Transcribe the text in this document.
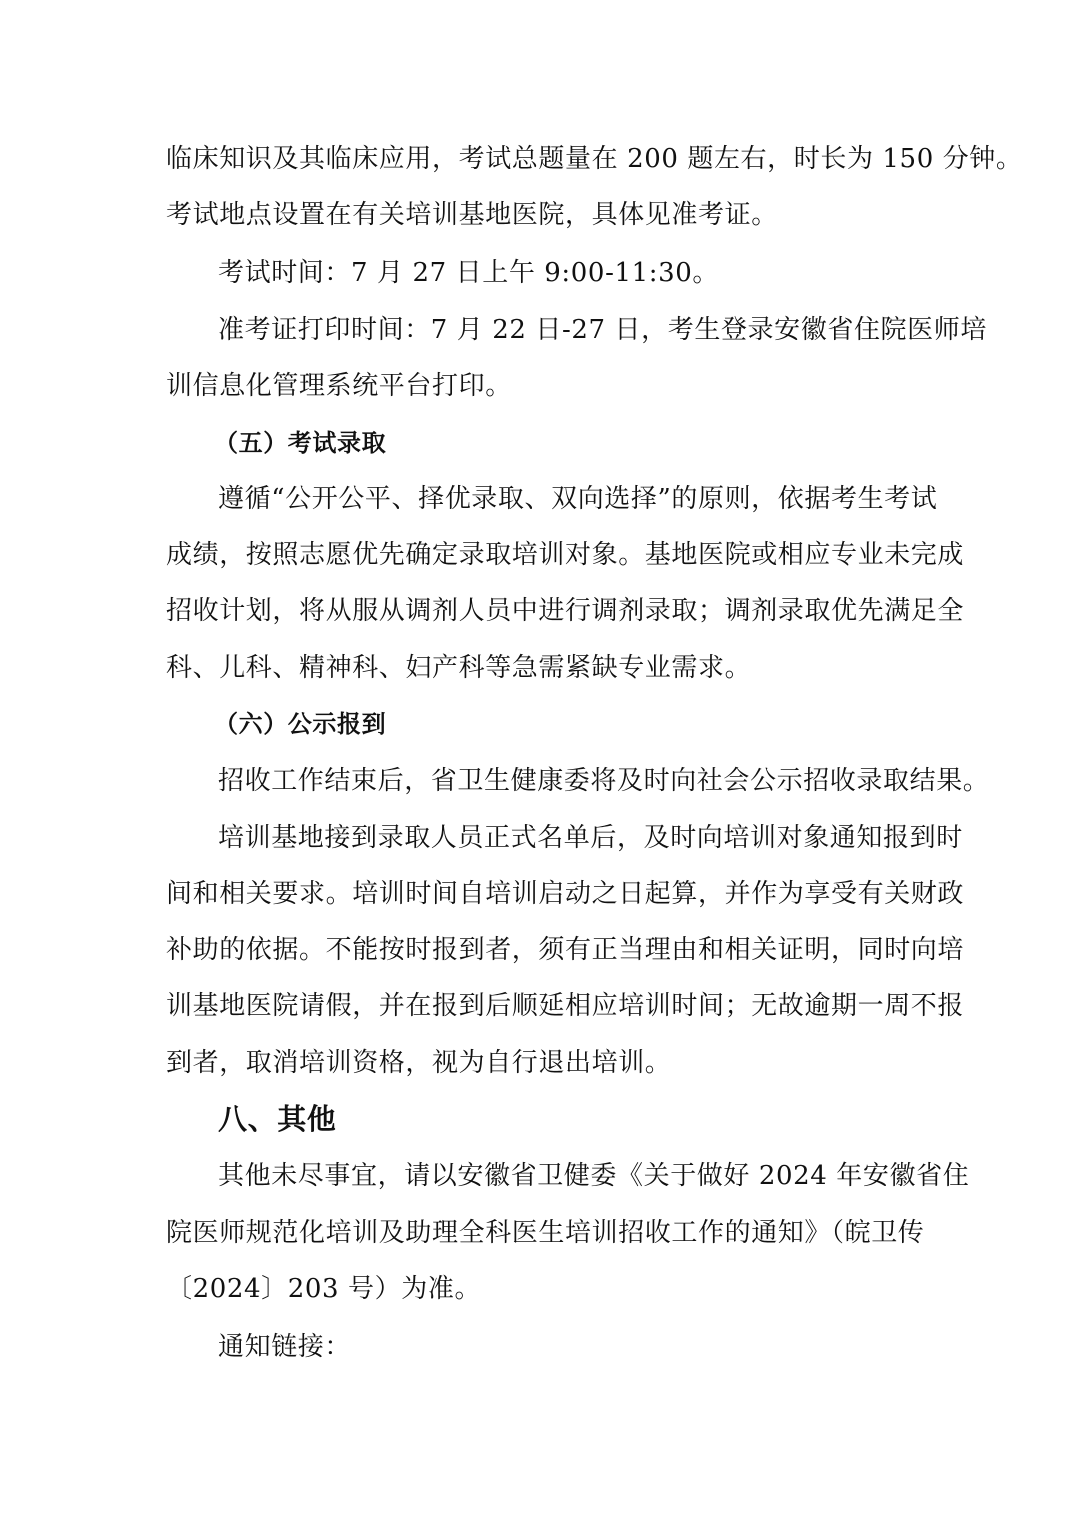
临床知识及其临床应用，考试总题量在 200 题左右，时长为 150 分钟。
考试地点设置在有关培训基地医院，具体见准考证。
考试时间：7 月 27 日上午 9:00-11:30。
准考证打印时间：7 月 22 日-27 日，考生登录安徽省住院医师培
训信息化管理系统平台打印。
（五）考试录取
遵循“公开公平、择优录取、双向选择”的原则，依据考生考试
成绩，按照志愿优先确定录取培训对象。基地医院或相应专业未完成
招收计划，将从服从调剂人员中进行调剂录取；调剂录取优先满足全
科、儿科、精神科、妇产科等急需紧缺专业需求。
（六）公示报到
招收工作结束后，省卫生健康委将及时向社会公示招收录取结果。
培训基地接到录取人员正式名单后，及时向培训对象通知报到时
间和相关要求。培训时间自培训启动之日起算，并作为享受有关财政
补助的依据。不能按时报到者，须有正当理由和相关证明，同时向培
训基地医院请假，并在报到后顺延相应培训时间；无故逾期一周不报
到者，取消培训资格，视为自行退出培训。
八、其他
其他未尽事宜，请以安徽省卫健委《关于做好 2024 年安徽省住
院医师规范化培训及助理全科医生培训招收工作的通知》（皖卫传
〔2024〕203 号）为准。
通知链接：
